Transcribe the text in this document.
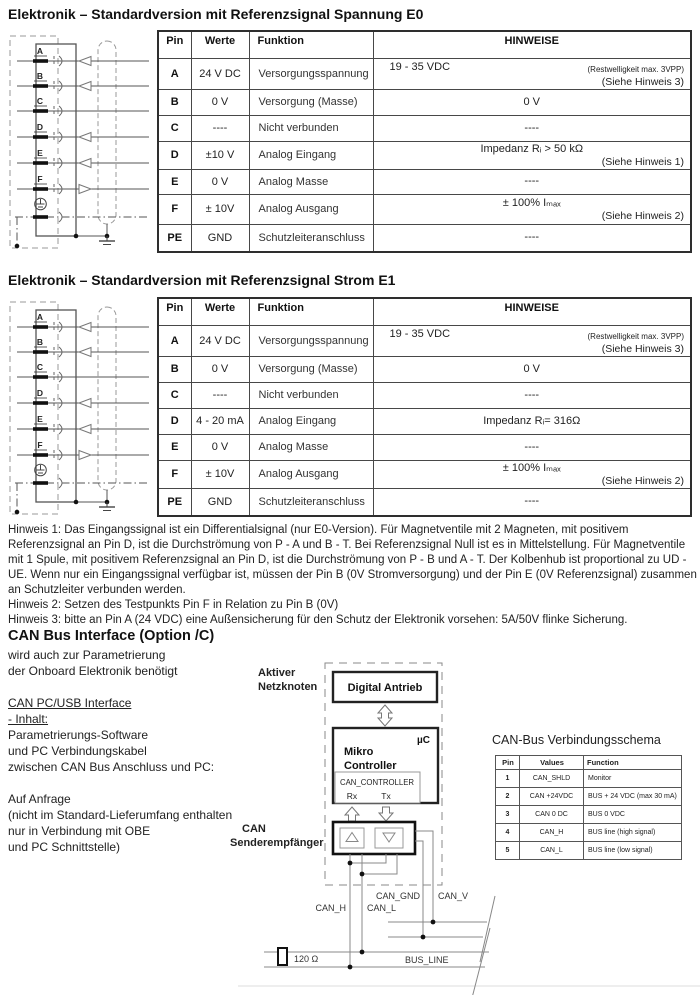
Elektronik – Standardversion mit Referenzsignal Spannung E0
A
B
C
D
E
F
Pin	Werte	Funktion	HINWEISE
A	24 V DC	Versorgungsspannung	19 - 35 VDC (Restwelligkeit max. 3VPP)
(Siehe Hinweis 3)

B	0 V	Versorgung (Masse)	0 V

C	----	Nicht verbunden	----

D	±10 V	Analog Eingang	Impedanz Rᵢ > 50 kΩ
(Siehe Hinweis 1)

E	0 V	Analog Masse	----

F	± 10V	Analog Ausgang	± 100% Iₘₐₓ
(Siehe Hinweis 2)

PE	GND	Schutzleiteranschluss	----
Elektronik – Standardversion mit Referenzsignal Strom E1
A
B
C
D
E
F
Pin	Werte	Funktion	HINWEISE
A	24 V DC	Versorgungsspannung	19 - 35 VDC (Restwelligkeit max. 3VPP)
(Siehe Hinweis 3)

B	0 V	Versorgung (Masse)	0 V

C	----	Nicht verbunden	----

D	4 - 20 mA	Analog Eingang	Impedanz Rᵢ= 316Ω

E	0 V	Analog Masse	----

F	± 10V	Analog Ausgang	± 100% Iₘₐₓ
(Siehe Hinweis 2)

PE	GND	Schutzleiteranschluss	----
Hinweis 1: Das Eingangssignal ist ein Differentialsignal (nur E0-Version). Für Magnetventile mit 2 Magneten, mit positivem Referenzsignal an Pin D, ist die Durchströmung von P - A und B - T. Bei Referenzsignal Null ist es in Mittelstellung. Für Magnetventile mit 1 Spule, mit positivem Referenzsignal an Pin D, ist die Durchströmung von P - B und A - T. Der Kolbenhub ist proportional zu UD - UE. Wenn nur ein Eingangssignal verfügbar ist, müssen der Pin B (0V Stromversorgung) und der Pin E (0V Referenzsignal) zusammen an Schutzleiter verbunden werden.
Hinweis 2: Setzen des Testpunkts Pin F in Relation zu Pin B (0V)
Hinweis 3: bitte an Pin A (24 VDC) eine Außensicherung für den Schutz der Elektronik vorsehen: 5A/50V flinke Sicherung.
CAN Bus Interface (Option /C)
wird auch zur Parametrierung
der Onboard Elektronik benötigt
CAN PC/USB Interface
- Inhalt:
Parametrierungs-Software
und PC Verbindungskabel
zwischen CAN Bus Anschluss und PC:
Auf Anfrage
(nicht im Standard-Lieferumfang enthalten
nur in Verbindung mit OBE
und PC Schnittstelle)
Digital Antrieb
µC
Mikro
Controller
CAN_CONTROLLER
Rx	Tx
120 Ω	BUS_LINE
CAN_GND CAN_V
CAN_H CAN_L
Aktiver
Netzknoten
CAN
Senderempfänger
CAN-Bus Verbindungsschema
Pin	Values	Function
1	CAN_SHLD	Monitor
2	CAN +24VDC	BUS + 24 VDC (max 30 mA)
3	CAN 0 DC	BUS 0 VDC
4	CAN_H	BUS line (high signal)
5	CAN_L	BUS line (low signal)
